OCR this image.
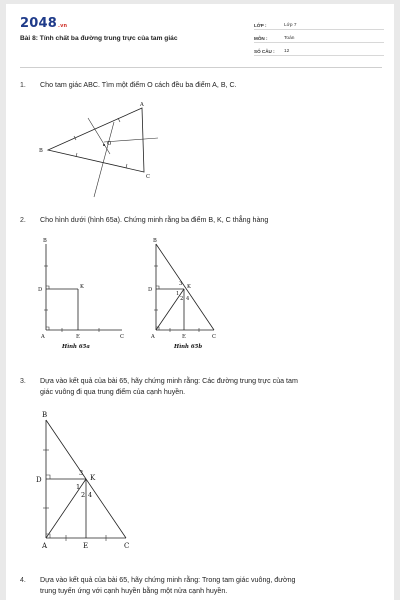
2048.vn
Bài 8: Tính chất ba đường trung trực của tam giác
LỚP :	Lớp 7
MÔN :	Toán
SỐ CÂU :	12
1. Cho tam giác ABC. Tìm một điểm O cách đều ba điểm A, B, C.
A
B
C
O
2. Cho hình dưới (hình 65a). Chứng minh rằng ba điểm B, K, C thẳng hàng
B
D	K
A	E	C
Hình 65a
B
D	K
3
1
2 4
A	E	C
Hình 65b
3. Dựa vào kết quả của bài 65, hãy chứng minh rằng: Các đường trung trực của tam
giác vuông đi qua trung điểm của cạnh huyền.
B
D	K
3
1
2 4
A	E	C
4. Dựa vào kết quả của bài 65, hãy chứng minh rằng: Trong tam giác vuông, đường
trung tuyến ứng với cạnh huyền bằng một nửa cạnh huyền.
